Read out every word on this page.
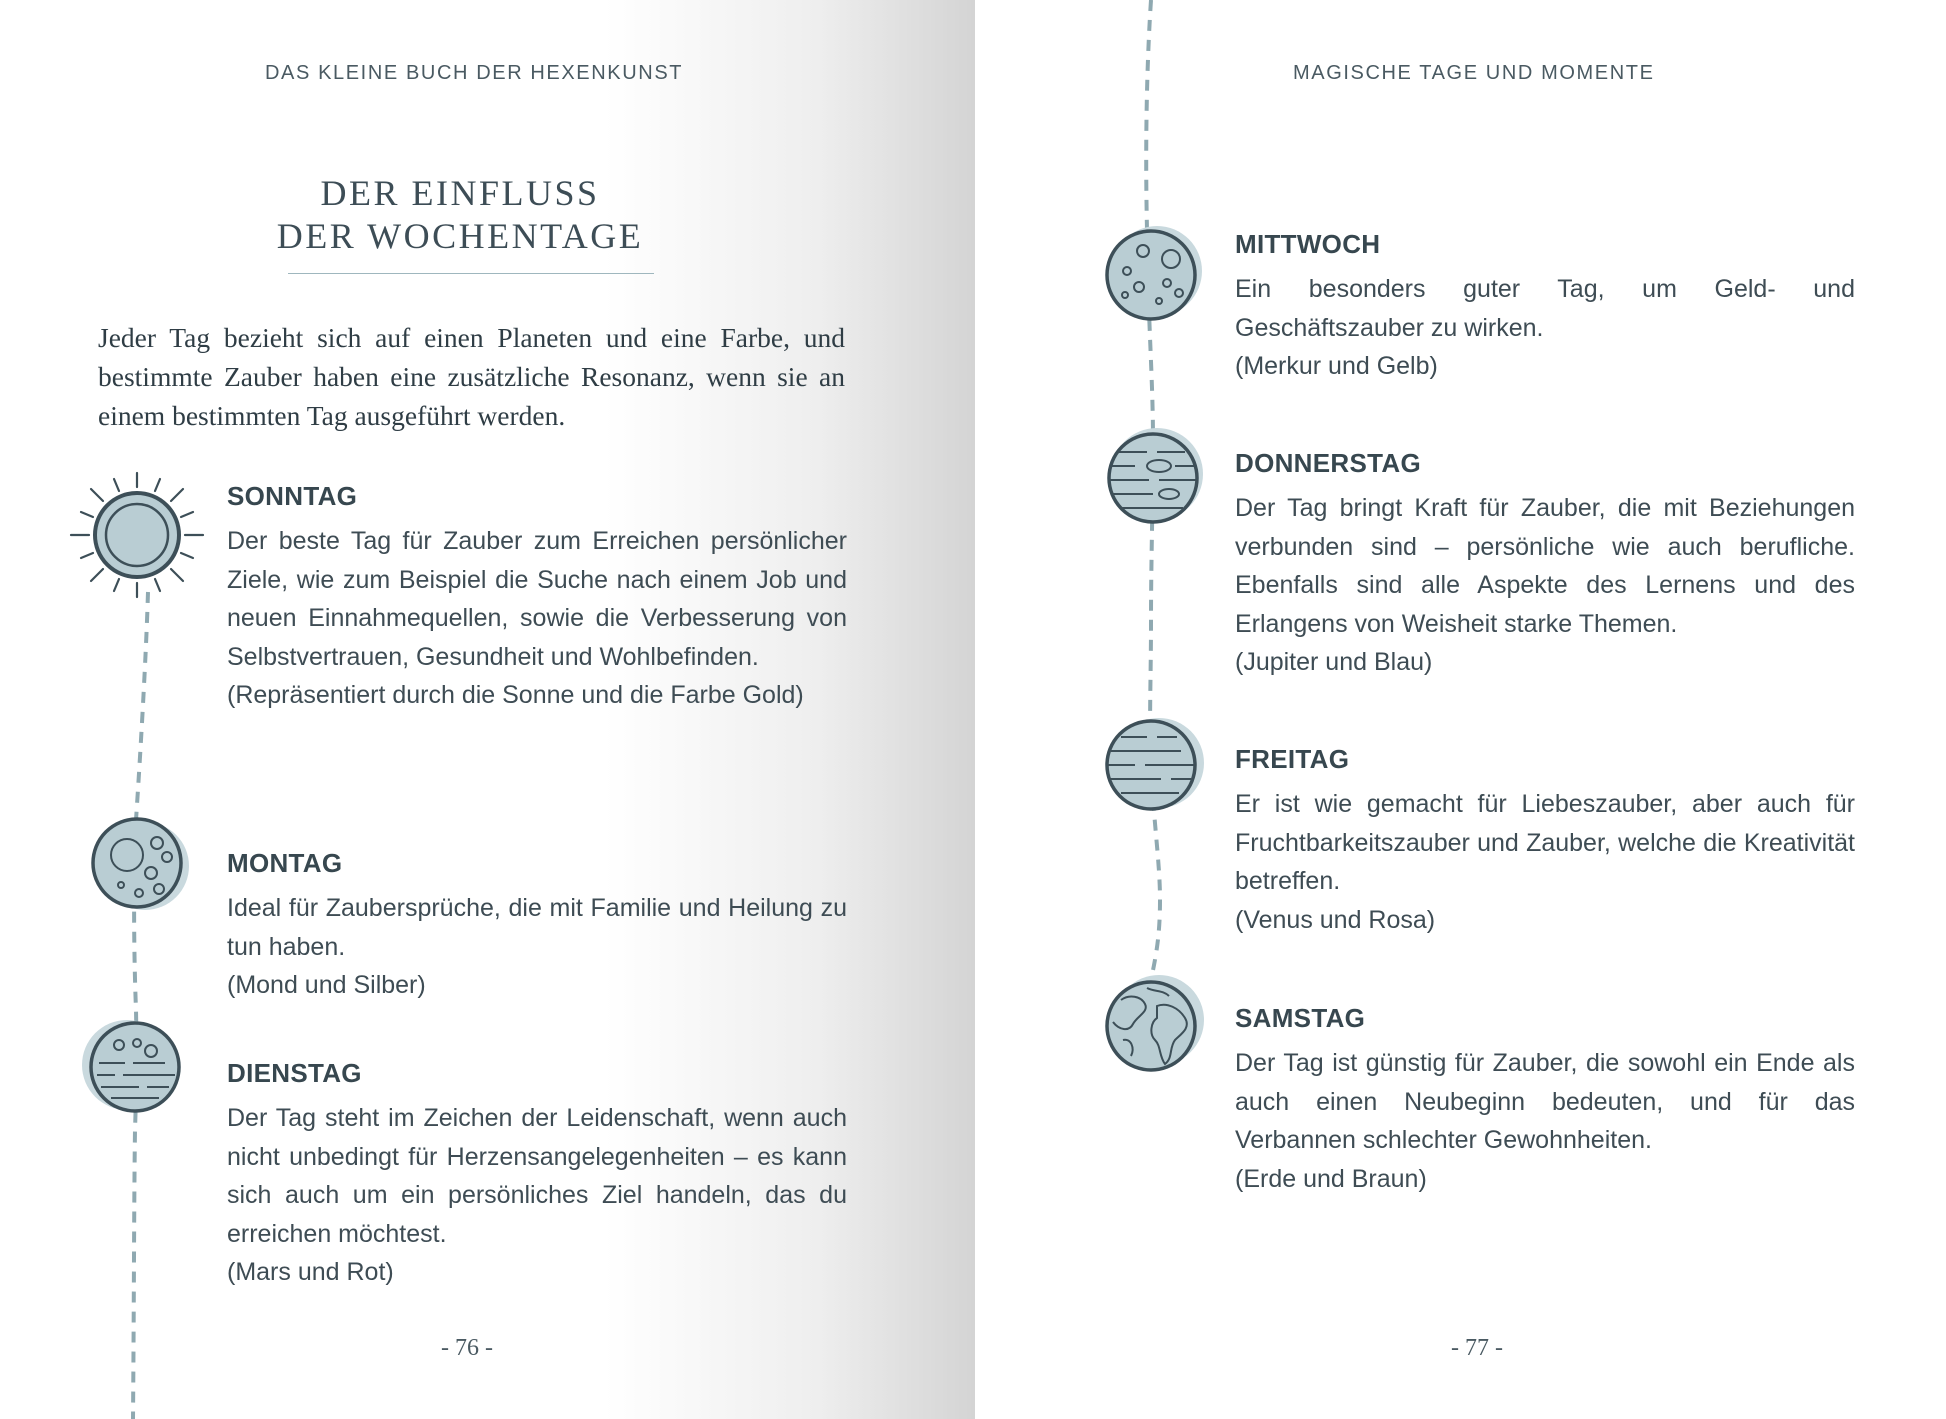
DAS KLEINE BUCH DER HEXENKUNST
DER EINFLUSS
DER WOCHENTAGE
Jeder Tag bezieht sich auf einen Planeten und eine Farbe, und bestimmte Zauber haben eine zusätzliche Resonanz, wenn sie an einem bestimmten Tag ausgeführt werden.
SONNTAG
Der beste Tag für Zauber zum Erreichen persönlicher Ziele, wie zum Beispiel die Suche nach einem Job und neuen Einnahmequellen, sowie die Verbesserung von Selbstvertrauen, Gesundheit und Wohlbefinden.
(Repräsentiert durch die Sonne und die Farbe Gold)
MONTAG
Ideal für Zaubersprüche, die mit Familie und Heilung zu tun haben.
(Mond und Silber)
DIENSTAG
Der Tag steht im Zeichen der Leidenschaft, wenn auch nicht unbedingt für Herzensangelegenheiten – es kann sich auch um ein persönliches Ziel handeln, das du erreichen möchtest.
(Mars und Rot)
- 76 -
MAGISCHE TAGE UND MOMENTE
MITTWOCH
Ein besonders guter Tag, um Geld- und Geschäftszauber zu wirken.
(Merkur und Gelb)
DONNERSTAG
Der Tag bringt Kraft für Zauber, die mit Beziehungen verbunden sind – persönliche wie auch berufliche. Ebenfalls sind alle Aspekte des Lernens und des Erlangens von Weisheit starke Themen.
(Jupiter und Blau)
FREITAG
Er ist wie gemacht für Liebeszauber, aber auch für Fruchtbarkeitszauber und Zauber, welche die Kreativität betreffen.
(Venus und Rosa)
SAMSTAG
Der Tag ist günstig für Zauber, die sowohl ein Ende als auch einen Neubeginn bedeuten, und für das Verbannen schlechter Gewohnheiten.
(Erde und Braun)
- 77 -
